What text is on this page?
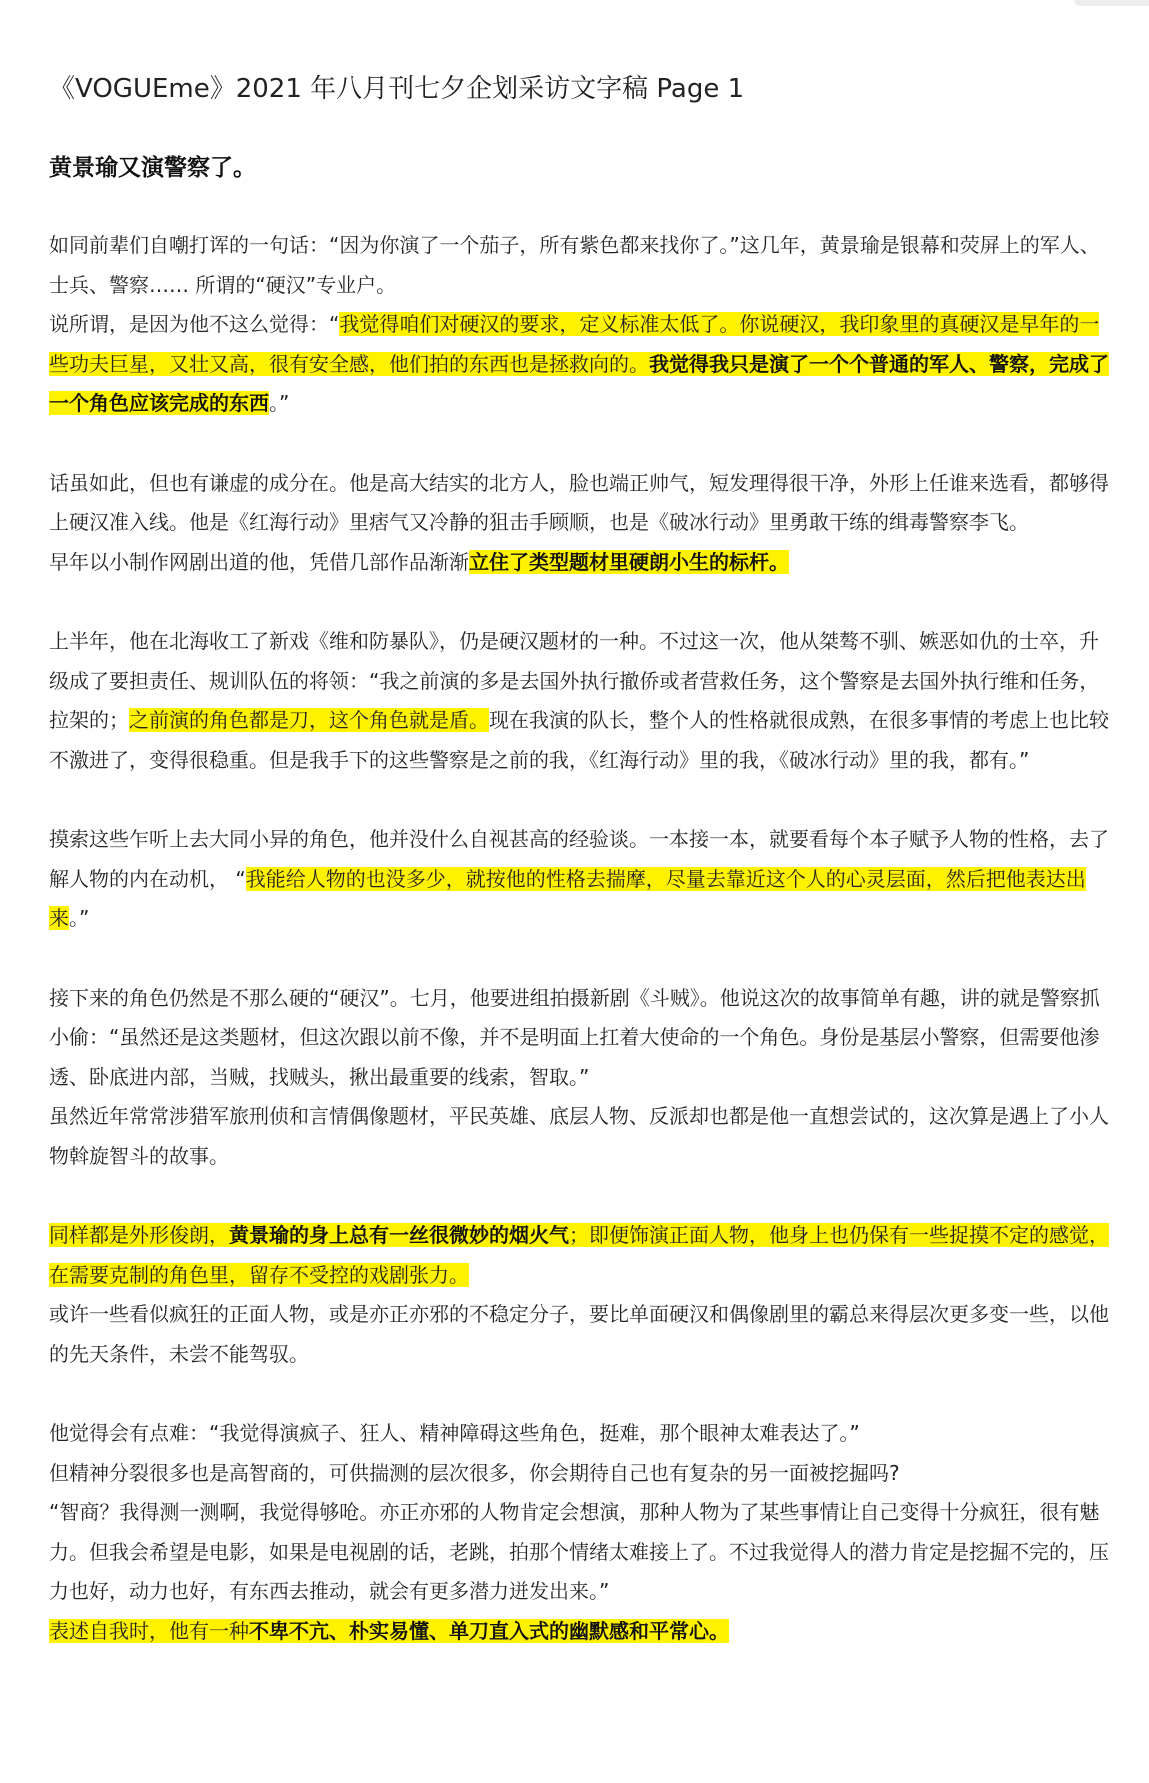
《VOGUEme》2021 年八月刊七夕企划采访文字稿 Page 1
黄景瑜又演警察了。

如同前辈们自嘲打诨的一句话：“因为你演了一个茄子，所有紫色都来找你了。”这几年，黄景瑜是银幕和荧屏上的军人、士兵、警察…… 所谓的“硬汉”专业户。

说所谓，是因为他不这么觉得：“我觉得咱们对硬汉的要求，定义标准太低了。你说硬汉，我印象里的真硬汉是早年的一些功夫巨星，又壮又高，很有安全感，他们拍的东西也是拯救向的。我觉得我只是演了一个个普通的军人、警察，完成了一个角色应该完成的东西。”

话虽如此，但也有谦虚的成分在。他是高大结实的北方人，脸也端正帅气，短发理得很干净，外形上任谁来选看，都够得上硬汉准入线。他是《红海行动》里痞气又冷静的狙击手顾顺，也是《破冰行动》里勇敢干练的缉毒警察李飞。

早年以小制作网剧出道的他，凭借几部作品渐渐立住了类型题材里硬朗小生的标杆。

上半年，他在北海收工了新戏《维和防暴队》，仍是硬汉题材的一种。不过这一次，他从桀骜不驯、嫉恶如仇的士卒，升级成了要担责任、规训队伍的将领：“我之前演的多是去国外执行撤侨或者营救任务，这个警察是去国外执行维和任务，拉架的；之前演的角色都是刀，这个角色就是盾。现在我演的队长，整个人的性格就很成熟，在很多事情的考虑上也比较不激进了，变得很稳重。但是我手下的这些警察是之前的我，《红海行动》里的我，《破冰行动》里的我，都有。”

摸索这些乍听上去大同小异的角色，他并没什么自视甚高的经验谈。一本接一本，就要看每个本子赋予人物的性格，去了解人物的内在动机， “我能给人物的也没多少，就按他的性格去揣摩，尽量去靠近这个人的心灵层面，然后把他表达出来。”

接下来的角色仍然是不那么硬的“硬汉”。七月，他要进组拍摄新剧《斗贼》。他说这次的故事简单有趣，讲的就是警察抓小偷：“虽然还是这类题材，但这次跟以前不像，并不是明面上扛着大使命的一个角色。身份是基层小警察，但需要他渗透、卧底进内部，当贼，找贼头，揪出最重要的线索，智取。”

虽然近年常常涉猎军旅刑侦和言情偶像题材，平民英雄、底层人物、反派却也都是他一直想尝试的，这次算是遇上了小人物斡旋智斗的故事。

同样都是外形俊朗，黄景瑜的身上总有一丝很微妙的烟火气；即便饰演正面人物，他身上也仍保有一些捉摸不定的感觉，在需要克制的角色里，留存不受控的戏剧张力。

或许一些看似疯狂的正面人物，或是亦正亦邪的不稳定分子，要比单面硬汉和偶像剧里的霸总来得层次更多变一些，以他的先天条件，未尝不能驾驭。

他觉得会有点难：“我觉得演疯子、狂人、精神障碍这些角色，挺难，那个眼神太难表达了。”

但精神分裂很多也是高智商的，可供揣测的层次很多，你会期待自己也有复杂的另一面被挖掘吗?

“智商？我得测一测啊，我觉得够呛。亦正亦邪的人物肯定会想演，那种人物为了某些事情让自己变得十分疯狂，很有魅力。但我会希望是电影，如果是电视剧的话，老跳，拍那个情绪太难接上了。不过我觉得人的潜力肯定是挖掘不完的，压力也好，动力也好，有东西去推动，就会有更多潜力迸发出来。”

表述自我时，他有一种不卑不亢、朴实易懂、单刀直入式的幽默感和平常心。
